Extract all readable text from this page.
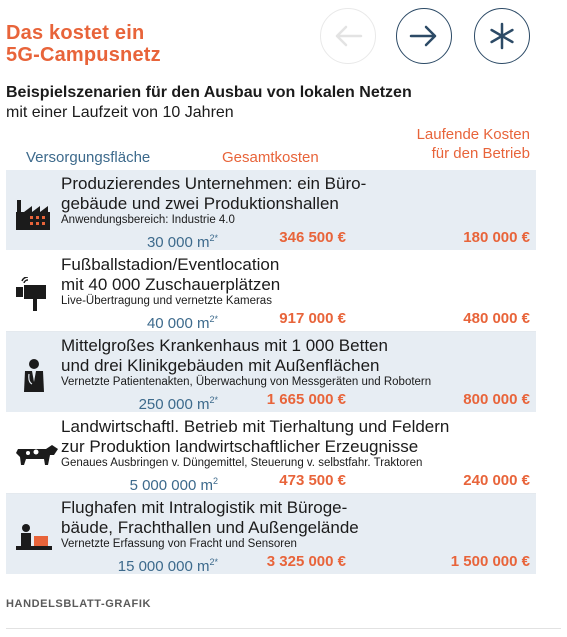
Das kostet ein
5G-Campusnetz
Beispielszenarien für den Ausbau von lokalen Netzen
mit einer Laufzeit von 10 Jahren
Versorgungsfläche	Gesamtkosten
Laufende Kosten
für den Betrieb
Produzierendes Unternehmen: ein Büro-
gebäude und zwei Produktionshallen
Anwendungsbereich: Industrie 4.0
30 000 $m^{2*}$	346 500 €	180 000 €
Fußballstadion/Eventlocation
mit 40 000 Zuschauerplätzen
Live-Übertragung und vernetzte Kameras
40 000 $m^{2*}$	917 000 €	480 000 €
Mittelgroßes Krankenhaus mit 1 000 Betten
und drei Klinikgebäuden mit Außenflächen
Vernetzte Patientenakten, Überwachung von Messgeräten und Robotern
250 000 $m^{2*}$	1 665 000 €	800 000 €
Landwirtschaftl. Betrieb mit Tierhaltung und Feldern
zur Produktion landwirtschaftlicher Erzeugnisse
Genaues Ausbringen v. Düngemittel, Steuerung v. selbstfahr. Traktoren
5 000 000 $m^2$	473 500 €	240 000 €
Flughafen mit Intralogistik mit Büroge-
bäude, Frachthallen und Außengelände
Vernetzte Erfassung von Fracht und Sensoren
15 000 000 $m^{2*}$	3 325 000 €	1 500 000 €
HANDELSBLATT-GRAFIK
